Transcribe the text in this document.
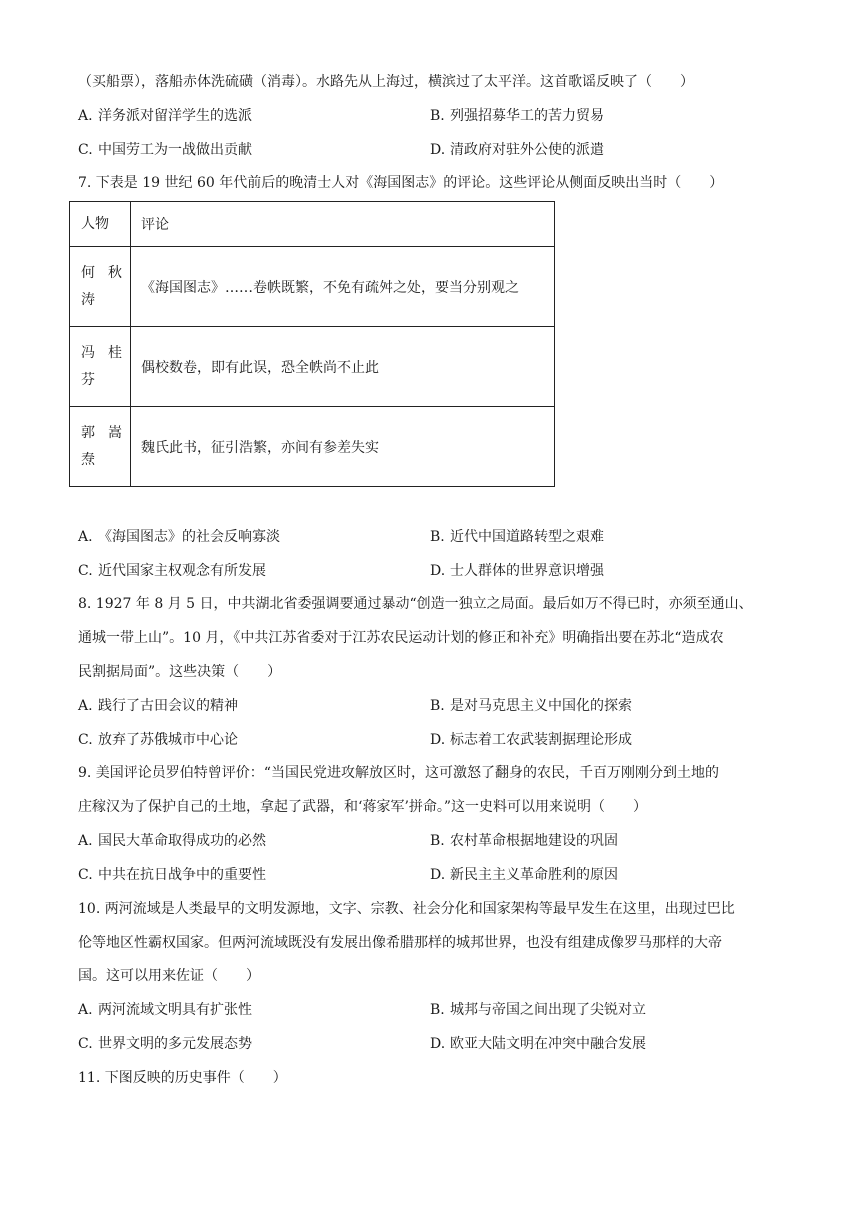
（买船票），落船赤体洗硫磺（消毒）。水路先从上海过，横滨过了太平洋。这首歌谣反映了（　　）
A. 洋务派对留洋学生的选派	B. 列强招募华工的苦力贸易
C. 中国劳工为一战做出贡献	D. 清政府对驻外公使的派遣
7. 下表是 19 世纪 60 年代前后的晚清士人对《海国图志》的评论。这些评论从侧面反映出当时（　　）
人物	评论

何 秋
涛	《海国图志》……卷帙既繁，不免有疏舛之处，要当分别观之

冯 桂
芬	偶校数卷，即有此误，恐全帙尚不止此

郭 嵩
焘	魏氏此书，征引浩繁，亦间有参差失实
A. 《海国图志》的社会反响寡淡	B. 近代中国道路转型之艰难
C. 近代国家主权观念有所发展	D. 士人群体的世界意识增强
8. 1927 年 8 月 5 日，中共湖北省委强调要通过暴动“创造一独立之局面。最后如万不得已时，亦须至通山、
通城一带上山”。10 月，《中共江苏省委对于江苏农民运动计划的修正和补充》明确指出要在苏北“造成农
民割据局面”。这些决策（　　）
A. 践行了古田会议的精神	B. 是对马克思主义中国化的探索
C. 放弃了苏俄城市中心论	D. 标志着工农武装割据理论形成
9. 美国评论员罗伯特曾评价：“当国民党进攻解放区时，这可激怒了翻身的农民，千百万刚刚分到土地的
庄稼汉为了保护自己的土地，拿起了武器，和‘蒋家军’拼命。”这一史料可以用来说明（　　）
A. 国民大革命取得成功的必然	B. 农村革命根据地建设的巩固
C. 中共在抗日战争中的重要性	D. 新民主主义革命胜利的原因
10. 两河流域是人类最早的文明发源地，文字、宗教、社会分化和国家架构等最早发生在这里，出现过巴比
伦等地区性霸权国家。但两河流域既没有发展出像希腊那样的城邦世界，也没有组建成像罗马那样的大帝
国。这可以用来佐证（　　）
A. 两河流域文明具有扩张性	B. 城邦与帝国之间出现了尖锐对立
C. 世界文明的多元发展态势	D. 欧亚大陆文明在冲突中融合发展
11. 下图反映的历史事件（　　）
